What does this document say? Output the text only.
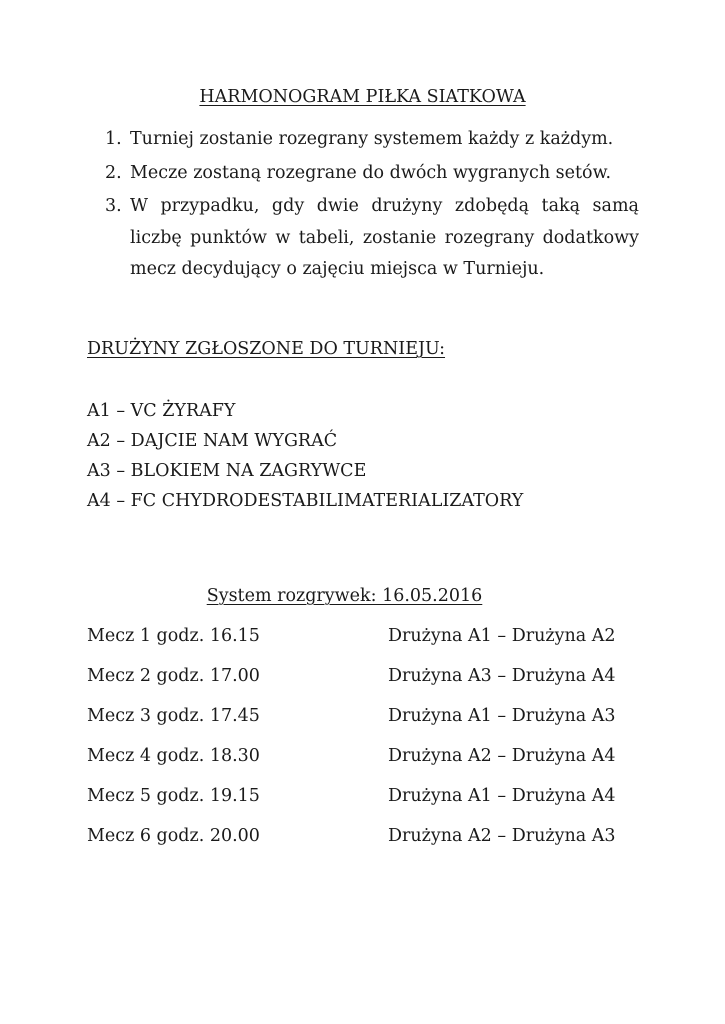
HARMONOGRAM PIŁKA SIATKOWA
1. Turniej zostanie rozegrany systemem każdy z każdym.
2. Mecze zostaną rozegrane do dwóch wygranych setów.
3. W przypadku, gdy dwie drużyny zdobędą taką samą liczbę punktów w tabeli, zostanie rozegrany dodatkowy mecz decydujący o zajęciu miejsca w Turnieju.
DRUŻYNY ZGŁOSZONE DO TURNIEJU:
A1 – VC ŻYRAFY
A2 – DAJCIE NAM WYGRAĆ
A3 – BLOKIEM NA ZAGRYWCE
A4 – FC CHYDRODESTABILIMATERIALIZATORY
System rozgrywek: 16.05.2016
Mecz 1 godz. 16.15	Drużyna A1 – Drużyna A2
Mecz 2 godz. 17.00	Drużyna A3 – Drużyna A4
Mecz 3 godz. 17.45	Drużyna A1 – Drużyna A3
Mecz 4 godz. 18.30	Drużyna A2 – Drużyna A4
Mecz 5 godz. 19.15	Drużyna A1 – Drużyna A4
Mecz 6 godz. 20.00	Drużyna A2 – Drużyna A3
